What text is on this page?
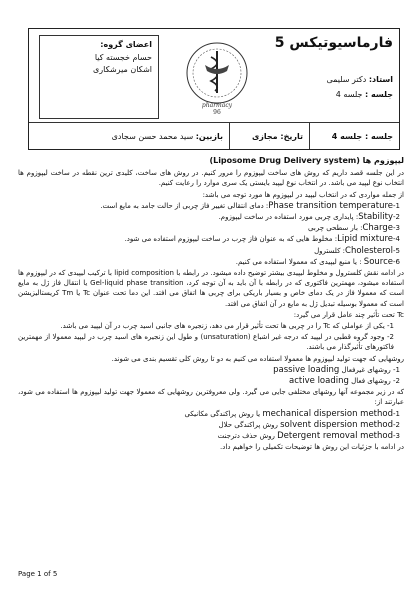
فارماسیوتیکس 5
استاد: دکتر سلیمی
جلسه : جلسه 4
pharmacy
96
اعضای گروه:
حسام خجسته کیا
اشکان میرشکاری
جلسه :

جلسه 4
تاریخ:

مجازی
بازبین:

سید محمد حسن سجادی
لیپوزوم ها (Liposome Drug Delivery system)

در این جلسه قصد داریم که روش های ساخت لیپوزوم را مرور کنیم. در روش های ساخت، کلیدی ترین نقطه در ساخت لیپوزوم ها انتخاب نوع لیپید می باشد. در انتخاب نوع لیپید بایستی یک سری موارد را رعایت کنیم.

از جمله مواردی که در انتخاب لیپید در لیپوزوم ها مورد توجه می باشد:

1-Phase transition temperature: دمای انتقالی تغییر فاز چربی از حالت جامد به مایع است.
2-Stability: پایداری چربی مورد استفاده در ساخت لیپوزوم.
3-Charge: بار سطحی چربی
4-Lipid mixture: مخلوط هایی که به عنوان فاز چرب در ساخت لیپوزوم استفاده می شود.
5-Cholesterol: کلسترول
6-Source : یا منبع لیپیدی که معمولا استفاده می کنیم.

در ادامه نقش کلسترول و مخلوط لیپیدی بیشتر توضیح داده میشود. در رابطه با lipid composition با ترکیب لیپیدی که در لیپوزوم ها استفاده میشود، مهمترین فاکتوری که در رابطه با آن باید به آن توجه کرد، Gel-liquid phase transition یا انتقال فاز ژل به مایع است که معمولا فاز در یک دمای خاص و بسیار باریکی برای چربی ها اتفاق می افتد. این دما تحت عنوان Tc یا Tm کریستالیزیشن است که معمولا بوسیله تبدیل ژل به مایع در آن اتفاق می افتد.

Tc تحت تأثیر چند عامل قرار می گیرد:

1- یکی از عواملی که Tc را در چربی ها تحت تأثیر قرار می دهد، زنجیره های جانبی اسید چرب در آن لیپید می باشد.

2- وجود گروه قطبی در لیپید که درجه غیر اشباع (unsaturation) و طول این زنجیره های اسید چرب در لیپید معمولا از مهمترین فاکتورهای تأثیرگذار می باشند.

روشهایی که جهت تولید لیپوزوم ها معمولا استفاده می کنیم به دو تا روش کلی تقسیم بندی می شوند.

1- روشهای غیرفعال passive loading
2- روشهای فعال active loading

که در زیر مجموعه آنها روشهای مختلفی جایی می گیرد. ولی معروفترین روشهایی که معمولا جهت تولید لیپوزوم ها استفاده می شود، عبارتند از:

1-mechanical dispersion method یا روش پراکندگی مکانیکی
2-solvent dispersion method روش پراکندگی حلال
3-Detergent removal method روش حذف دترجنت

در ادامه با جزئیات این روش ها توضیحات تکمیلی را خواهیم داد.

Page 1 of 5
